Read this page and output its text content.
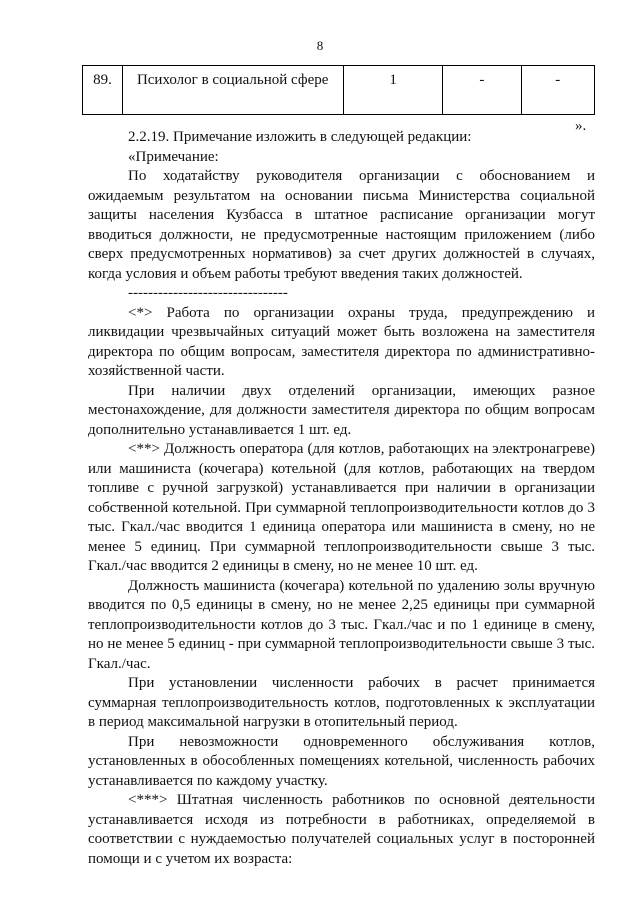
8
89.	Психолог в социальной сфере	1	-	-
».

2.2.19. Примечание изложить в следующей редакции:

«Примечание:

По ходатайству руководителя организации с обоснованием и ожидаемым результатом на основании письма Министерства социальной защиты населения Кузбасса в штатное расписание организации могут вводиться должности, не предусмотренные настоящим приложением (либо сверх предусмотренных нормативов) за счет других должностей в случаях, когда условия и объем работы требуют введения таких должностей.

--------------------------------

<*> Работа по организации охраны труда, предупреждению и ликвидации чрезвычайных ситуаций может быть возложена на заместителя директора по общим вопросам, заместителя директора по административно-хозяйственной части.

При наличии двух отделений организации, имеющих разное местонахождение, для должности заместителя директора по общим вопросам дополнительно устанавливается 1 шт. ед.

<**> Должность оператора (для котлов, работающих на электронагреве) или машиниста (кочегара) котельной (для котлов, работающих на твердом топливе с ручной загрузкой) устанавливается при наличии в организации собственной котельной. При суммарной теплопроизводительности котлов до 3 тыс. Гкал./час вводится 1 единица оператора или машиниста в смену, но не менее 5 единиц. При суммарной теплопроизводительности свыше 3 тыс. Гкал./час вводится 2 единицы в смену, но не менее 10 шт. ед.

Должность машиниста (кочегара) котельной по удалению золы вручную вводится по 0,5 единицы в смену, но не менее 2,25 единицы при суммарной теплопроизводительности котлов до 3 тыс. Гкал./час и по 1 единице в смену, но не менее 5 единиц - при суммарной теплопроизводительности свыше 3 тыс. Гкал./час.

При установлении численности рабочих в расчет принимается суммарная теплопроизводительность котлов, подготовленных к эксплуатации в период максимальной нагрузки в отопительный период.

При невозможности одновременного обслуживания котлов, установленных в обособленных помещениях котельной, численность рабочих устанавливается по каждому участку.

<***> Штатная численность работников по основной деятельности устанавливается исходя из потребности в работниках, определяемой в соответствии с нуждаемостью получателей социальных услуг в посторонней помощи и с учетом их возраста:
